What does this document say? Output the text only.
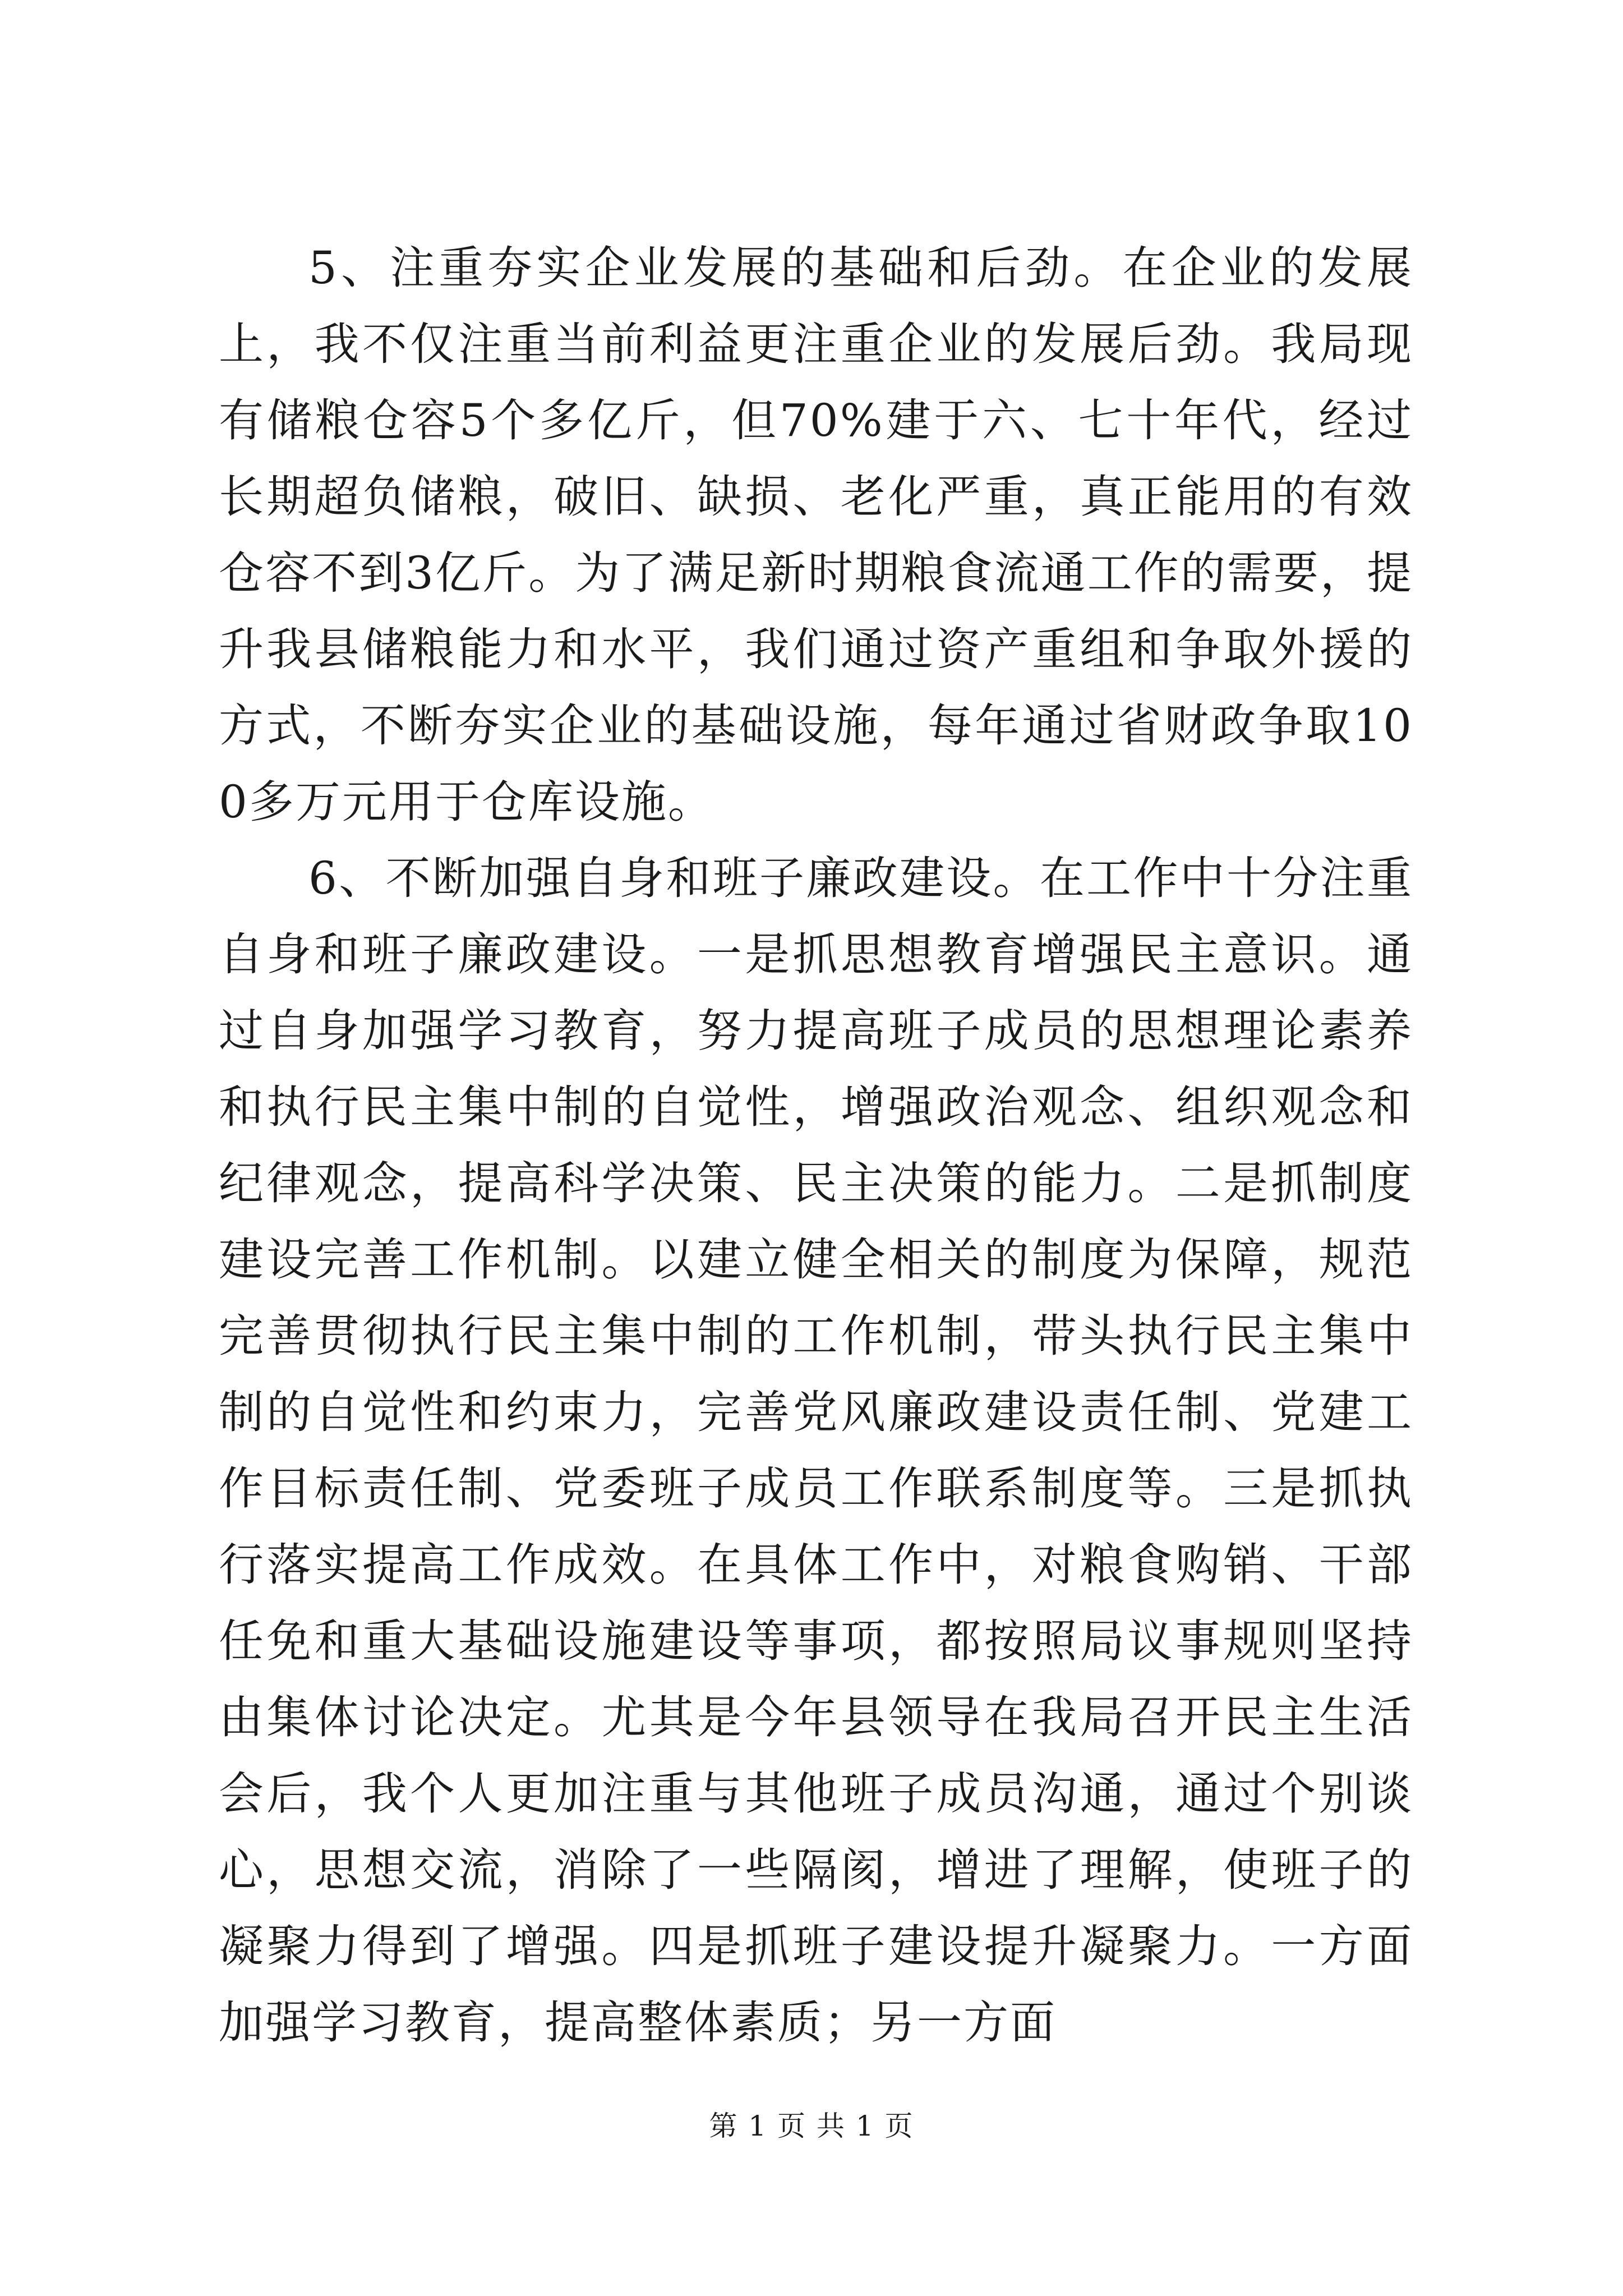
5、注重夯实企业发展的基础和后劲。在企业的发展上，我不仅注重当前利益更注重企业的发展后劲。我局现有储粮仓容5个多亿斤，但70%建于六、七十年代，经过长期超负储粮，破旧、缺损、老化严重，真正能用的有效仓容不到3亿斤。为了满足新时期粮食流通工作的需要，提升我县储粮能力和水平，我们通过资产重组和争取外援的方式，不断夯实企业的基础设施，每年通过省财政争取100多万元用于仓库设施。

6、不断加强自身和班子廉政建设。在工作中十分注重自身和班子廉政建设。一是抓思想教育增强民主意识。通过自身加强学习教育，努力提高班子成员的思想理论素养和执行民主集中制的自觉性，增强政治观念、组织观念和纪律观念，提高科学决策、民主决策的能力。二是抓制度建设完善工作机制。以建立健全相关的制度为保障，规范完善贯彻执行民主集中制的工作机制，带头执行民主集中制的自觉性和约束力，完善党风廉政建设责任制、党建工作目标责任制、党委班子成员工作联系制度等。三是抓执行落实提高工作成效。在具体工作中，对粮食购销、干部任免和重大基础设施建设等事项，都按照局议事规则坚持由集体讨论决定。尤其是今年县领导在我局召开民主生活会后，我个人更加注重与其他班子成员沟通，通过个别谈心，思想交流，消除了一些隔阂，增进了理解，使班子的凝聚力得到了增强。四是抓班子建设提升凝聚力。一方面加强学习教育，提高整体素质；另一方面

第 1 页 共 1 页
